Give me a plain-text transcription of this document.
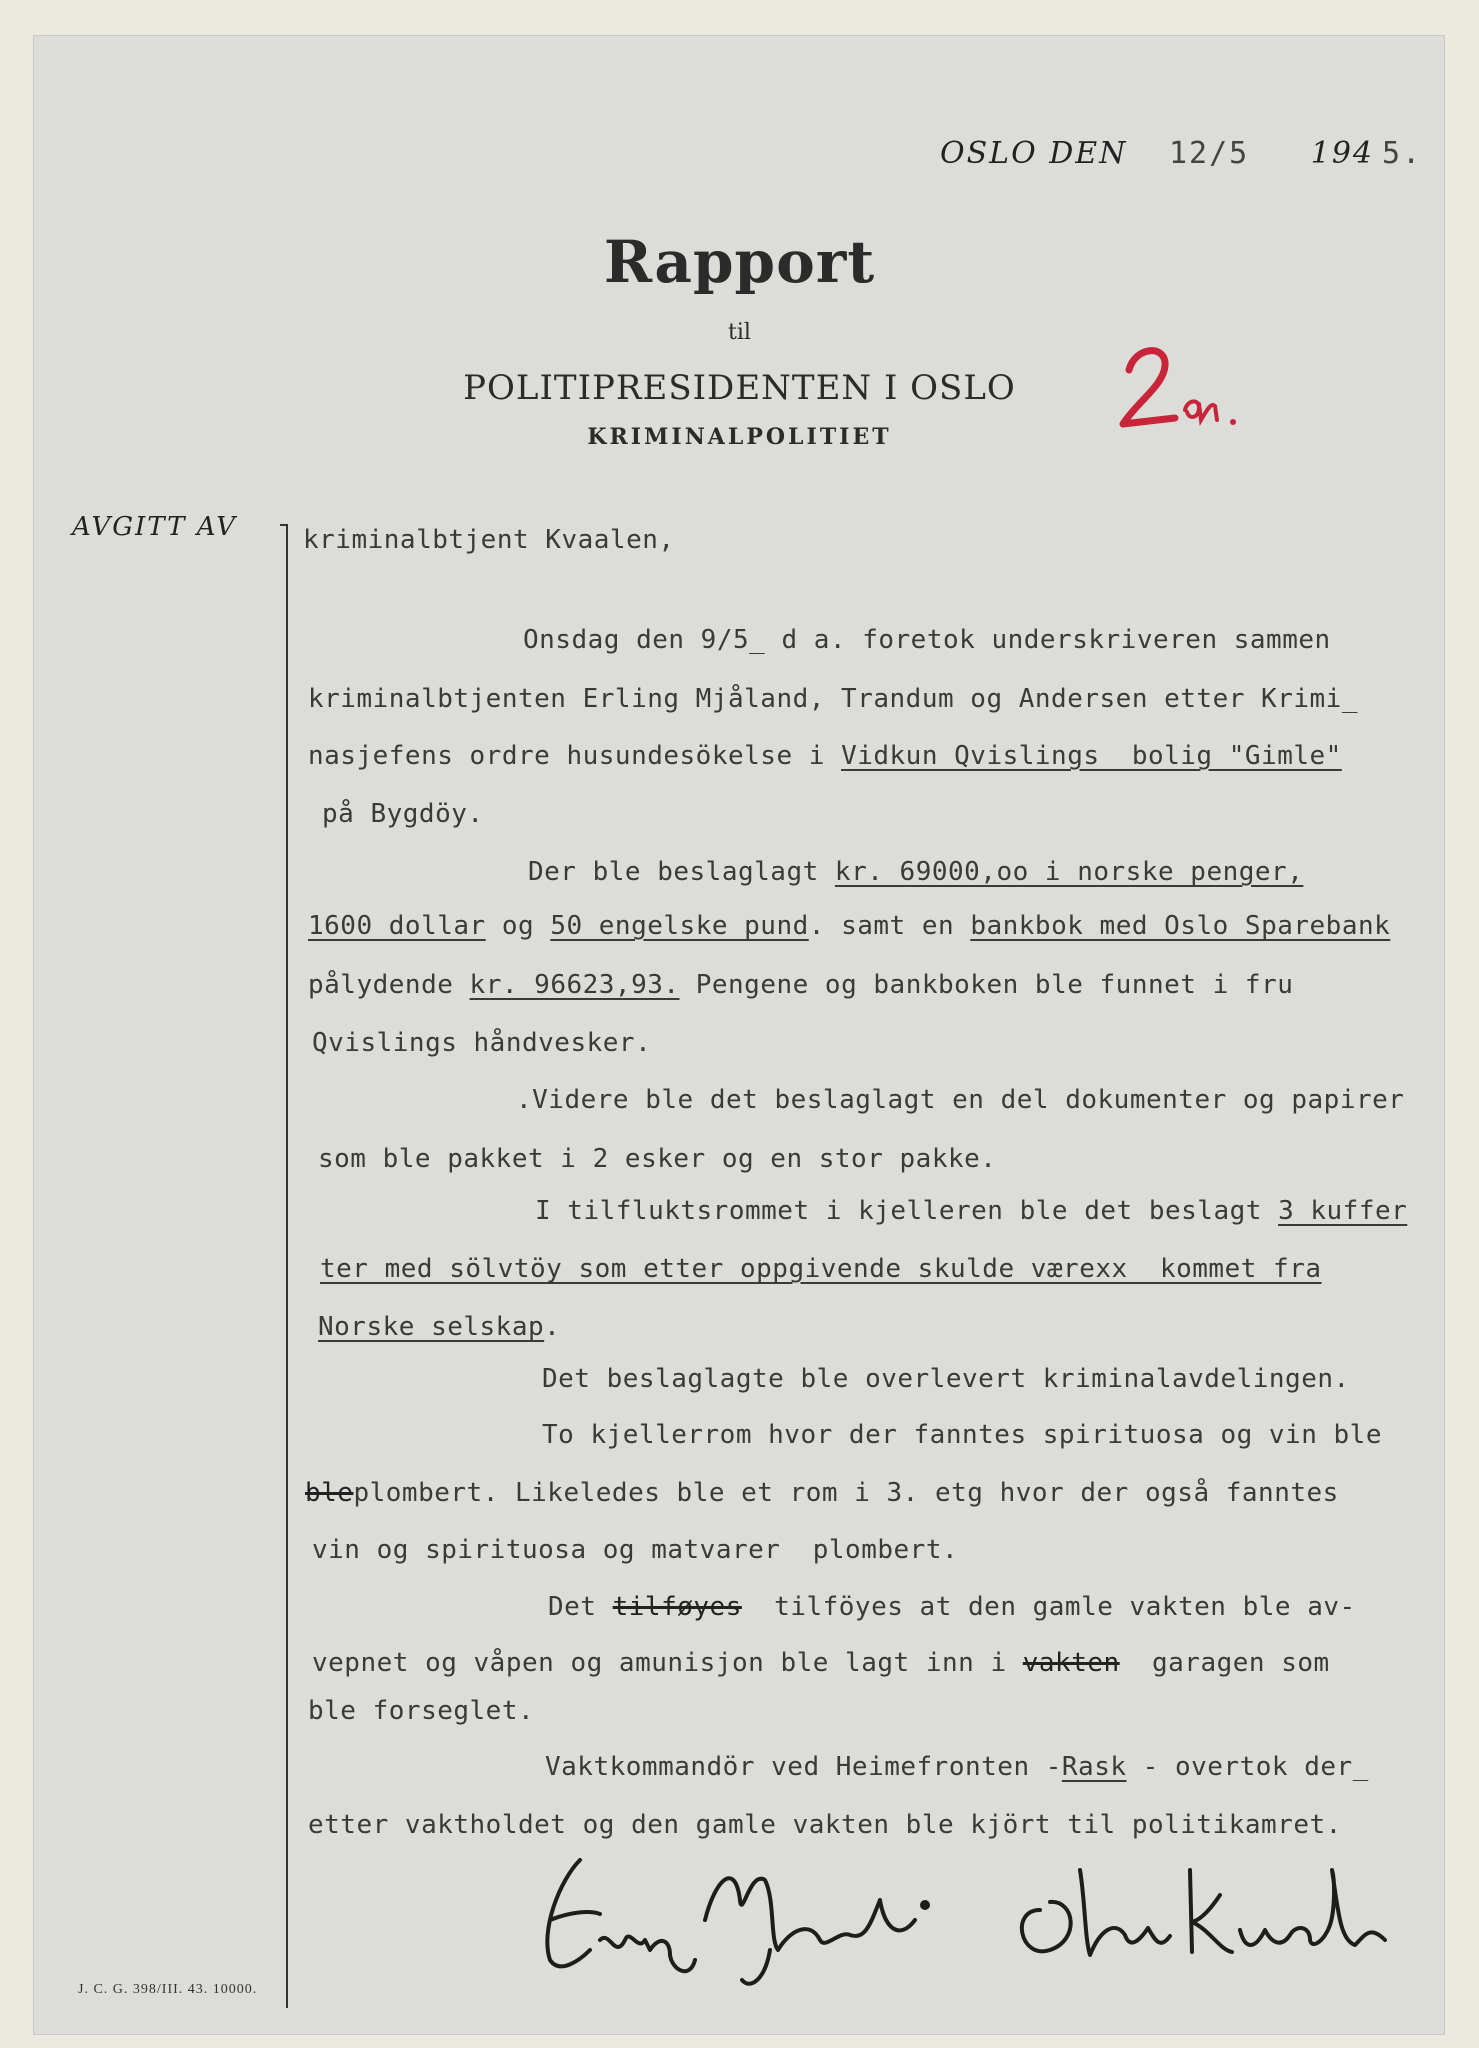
OSLO DEN 12/5 194 5.
Rapport
til
POLITIPRESIDENTEN I OSLO
KRIMINALPOLITIET
AVGITT AV	kriminalbtjent Kvaalen,
Onsdag den 9/5_ d a. foretok underskriveren sammen
kriminalbtjenten Erling Mjåland, Trandum og Andersen etter Krimi_
nasjefens ordre husundesökelse i Vidkun Qvislings  bolig "Gimle"
på Bygdöy.
Der ble beslaglagt kr. 69000,oo i norske penger,
1600 dollar og 50 engelske pund. samt en bankbok med Oslo Sparebank
pålydende kr. 96623,93. Pengene og bankboken ble funnet i fru
Qvislings håndvesker.
.Videre ble det beslaglagt en del dokumenter og papirer
som ble pakket i 2 esker og en stor pakke.
I tilfluktsrommet i kjelleren ble det beslagt 3 kuffer
ter med sölvtöy som etter oppgivende skulde værexx  kommet fra
Norske selskap.
Det beslaglagte ble overlevert kriminalavdelingen.
To kjellerrom hvor der fanntes spirituosa og vin ble
bleplombert. Likeledes ble et rom i 3. etg hvor der også fanntes
vin og spirituosa og matvarer  plombert.
Det tilføyes  tilföyes at den gamle vakten ble av-
vepnet og våpen og amunisjon ble lagt inn i vakten  garagen som
ble forseglet.
Vaktkommandör ved Heimefronten -Rask - overtok der_
etter vaktholdet og den gamle vakten ble kjört til politikamret.
J. C. G. 398/III. 43. 10000.
